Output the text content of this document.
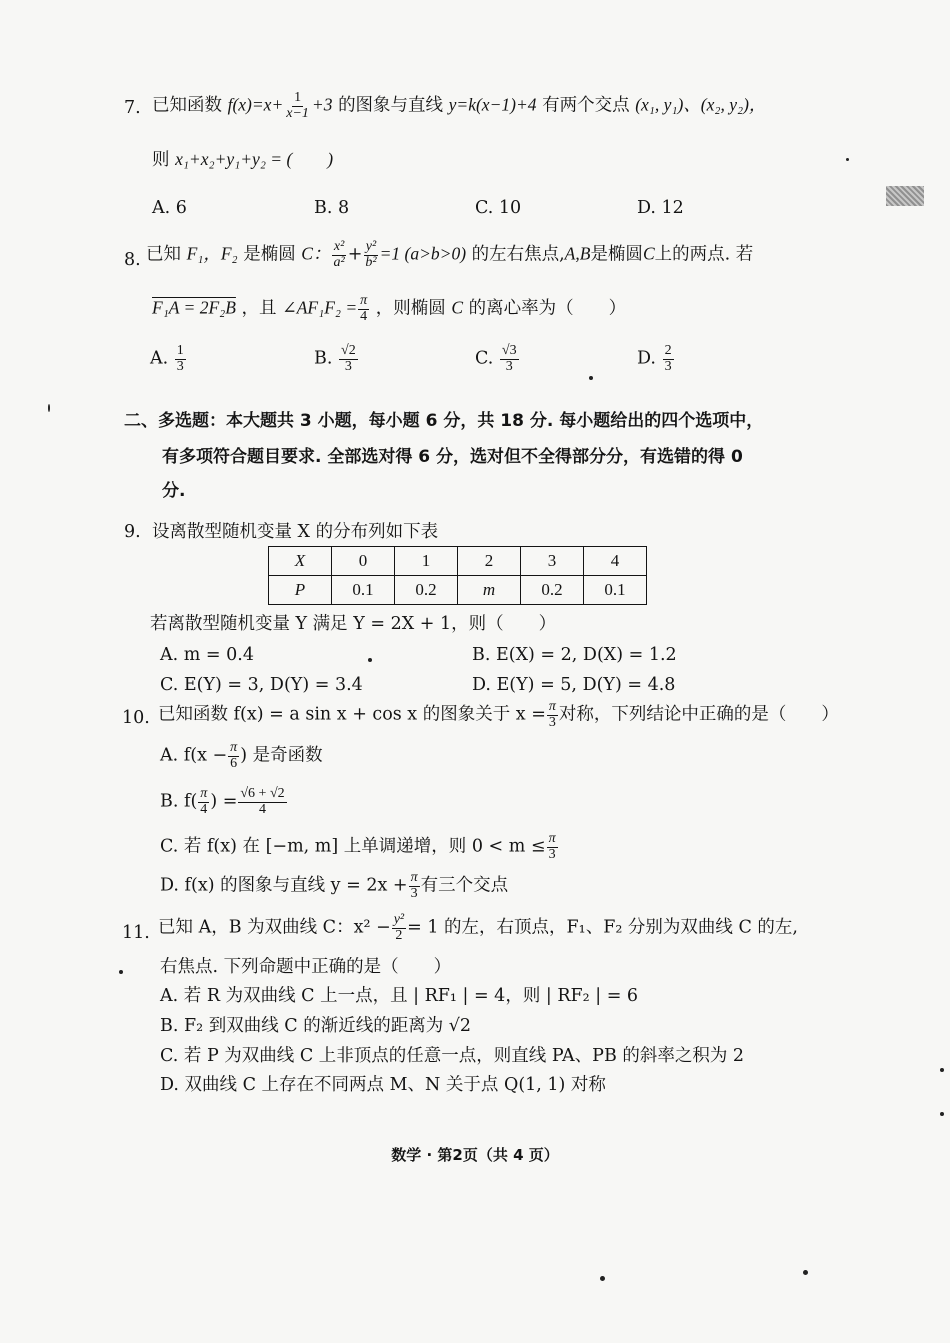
7. 已知函数 $f(x)=x+ \frac{1}{x-1} +3$ 的图象与直线 y=k(x−1)+4 有两个交点 (x₁, y₁)、(x₂, y₂)，
则 x₁+x₂+y₁+y₂ = (　　)
A. 6	B. 8	C. 10	D. 12
8. 已知 F₁，F₂ 是椭圆 C： $\frac{\text{x²}}{\text{a²}} + \frac{\text{y²}}{\text{b²}} =1$ (a>b>0) 的左右焦点,A,B是椭圆C上的两点. 若
F₁A = 2F₂B ，且 ∠AF₁F₂ = $\frac{\pi}{4}$ ，则椭圆 C 的离心率为（　　）
A. $\frac{1}{3}$	B. $\frac{√2}{3}$	C. $\frac{√3}{3}$	D. $\frac{2}{3}$
二、多选题：本大题共 3 小题，每小题 6 分，共 18 分. 每小题给出的四个选项中，
有多项符合题目要求. 全部选对得 6 分，选对但不全得部分分，有选错的得 0
分.
9. 设离散型随机变量 X 的分布列如下表
X	0	1	2	3	4
P	0.1	0.2	m	0.2	0.1
若离散型随机变量 Y 满足 Y = 2X + 1，则（　　）
A. m = 0.4	B. E(X) = 2, D(X) = 1.2
C. E(Y) = 3, D(Y) = 3.4	D. E(Y) = 5, D(Y) = 4.8
10. 已知函数 f(x) = a sin x + cos x 的图象关于 $x = \frac{\pi}{3}$ 对称，下列结论中正确的是（　　）
A. $f(x - \frac{\pi}{6}$ ) 是奇函数
B. $f( \frac{\pi}{4}$ ) = $\frac{√6 + √2}{4}$
C. 若 f(x) 在 [−m, m] 上单调递增，则 $0 < m \le \frac{\pi}{3}$
D. f(x) 的图象与直线 $y = 2x + \frac{\pi}{3}$ 有三个交点
11. 已知 A，B 为双曲线 C：$x^2 - \frac{\text{y²}}{2} = 1$ 的左，右顶点，F₁、F₂ 分别为双曲线 C 的左,
右焦点. 下列命题中正确的是（　　）
A. 若 R 为双曲线 C 上一点，且 | RF₁ | = 4，则 | RF₂ | = 6
B. F₂ 到双曲线 C 的渐近线的距离为 √2
C. 若 P 为双曲线 C 上非顶点的任意一点，则直线 PA、PB 的斜率之积为 2
D. 双曲线 C 上存在不同两点 M、N 关于点 Q(1, 1) 对称
数学 · 第2页（共 4 页）
